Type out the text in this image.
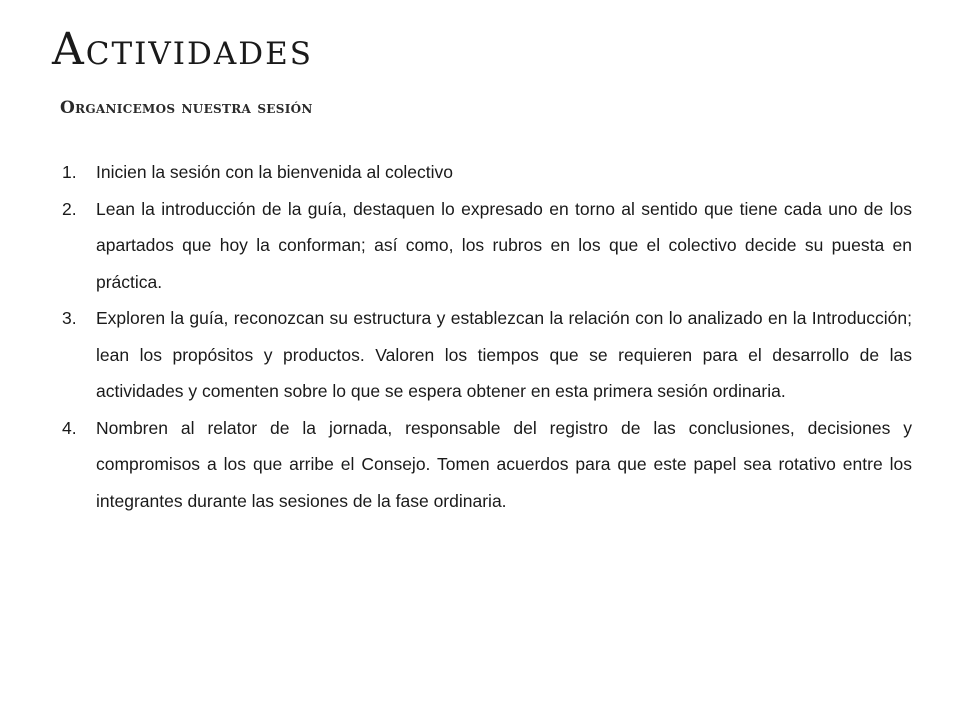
Actividades
Organicemos nuestra sesión
1. Inicien la sesión con la bienvenida al colectivo
2. Lean la introducción de la guía, destaquen lo expresado en torno al sentido que tiene cada uno de los apartados que hoy la conforman; así como, los rubros en los que el colectivo decide su puesta en práctica.
3. Exploren la guía, reconozcan su estructura y establezcan la relación con lo analizado en la Introducción; lean los propósitos y productos. Valoren los tiempos que se requieren para el desarrollo de las actividades y comenten sobre lo que se espera obtener en esta primera sesión ordinaria.
4. Nombren al relator de la jornada, responsable del registro de las conclusiones, decisiones y compromisos a los que arribe el Consejo. Tomen acuerdos para que este papel sea rotativo entre los integrantes durante las sesiones de la fase ordinaria.
